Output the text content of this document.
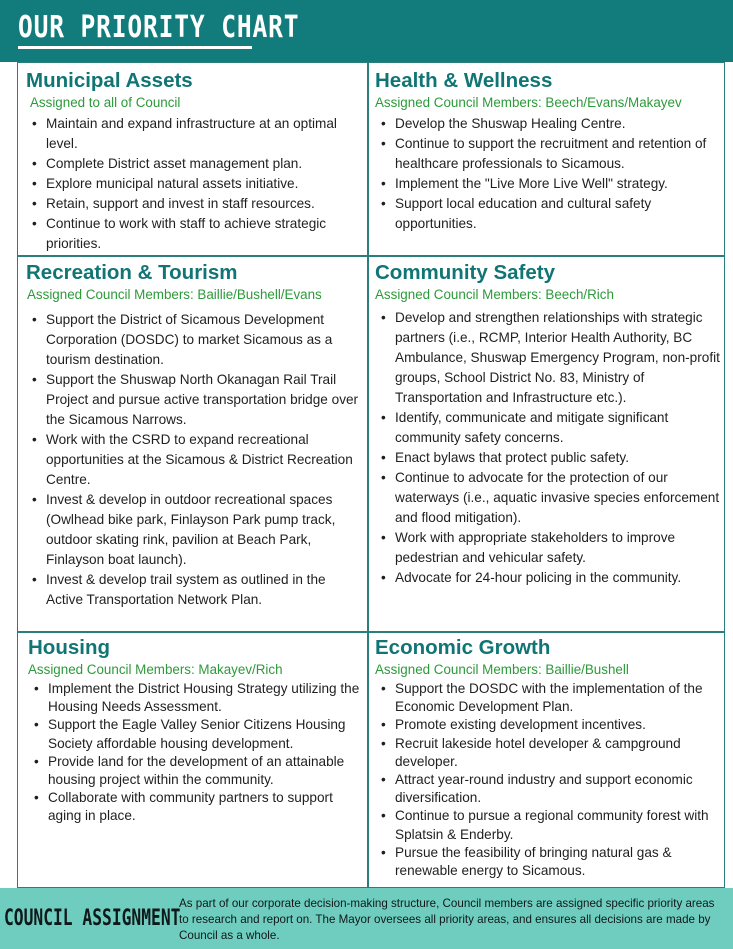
OUR PRIORITY CHART
Municipal Assets
Assigned to all of Council
• Maintain and expand infrastructure at an optimal level.
• Complete District asset management plan.
• Explore municipal natural assets initiative.
• Retain, support and invest in staff resources.
• Continue to work with staff to achieve strategic priorities.
Health & Wellness
Assigned Council Members: Beech/Evans/Makayev
• Develop the Shuswap Healing Centre.
• Continue to support the recruitment and retention of healthcare professionals to Sicamous.
• Implement the "Live More Live Well" strategy.
• Support local education and cultural safety opportunities.
Recreation & Tourism
Assigned Council Members: Baillie/Bushell/Evans
• Support the District of Sicamous Development Corporation (DOSDC) to market Sicamous as a tourism destination.
• Support the Shuswap North Okanagan Rail Trail Project and pursue active transportation bridge over the Sicamous Narrows.
• Work with the CSRD to expand recreational opportunities at the Sicamous & District Recreation Centre.
• Invest & develop in outdoor recreational spaces (Owlhead bike park, Finlayson Park pump track, outdoor skating rink, pavilion at Beach Park, Finlayson boat launch).
• Invest & develop trail system as outlined in the Active Transportation Network Plan.
Community Safety
Assigned Council Members: Beech/Rich
• Develop and strengthen relationships with strategic partners (i.e., RCMP, Interior Health Authority, BC Ambulance, Shuswap Emergency Program, non-profit groups, School District No. 83, Ministry of Transportation and Infrastructure etc.).
• Identify, communicate and mitigate significant community safety concerns.
• Enact bylaws that protect public safety.
• Continue to advocate for the protection of our waterways (i.e., aquatic invasive species enforcement and flood mitigation).
• Work with appropriate stakeholders to improve pedestrian and vehicular safety.
• Advocate for 24-hour policing in the community.
Housing
Assigned Council Members: Makayev/Rich
• Implement the District Housing Strategy utilizing the Housing Needs Assessment.
• Support the Eagle Valley Senior Citizens Housing Society affordable housing development.
• Provide land for the development of an attainable housing project within the community.
• Collaborate with community partners to support aging in place.
Economic Growth
Assigned Council Members: Baillie/Bushell
• Support the DOSDC with the implementation of the Economic Development Plan.
• Promote existing development incentives.
• Recruit lakeside hotel developer & campground developer.
• Attract year-round industry and support economic diversification.
• Continue to pursue a regional community forest with Splatsin & Enderby.
• Pursue the feasibility of bringing natural gas & renewable energy to Sicamous.
COUNCIL ASSIGNMENT
As part of our corporate decision-making structure, Council members are assigned specific priority areas to research and report on. The Mayor oversees all priority areas, and ensures all decisions are made by Council as a whole.
